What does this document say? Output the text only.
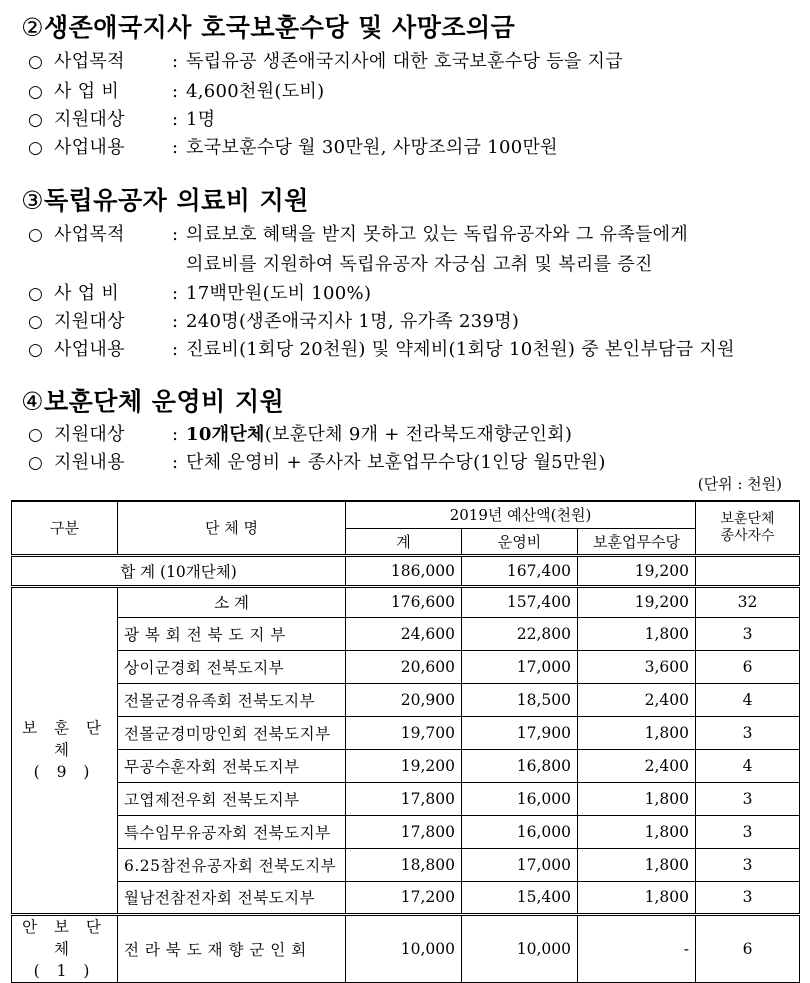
②생존애국지사 호국보훈수당 및 사망조의금
○ 사업목적	: 독립유공 생존애국지사에 대한 호국보훈수당 등을 지급
○ 사 업 비	: 4,600천원(도비)
○ 지원대상	: 1명
○ 사업내용	: 호국보훈수당 월 30만원, 사망조의금 100만원
③독립유공자 의료비 지원
○ 사업목적	: 의료보호 혜택을 받지 못하고 있는 독립유공자와 그 유족들에게
의료비를 지원하여 독립유공자 자긍심 고취 및 복리를 증진
○ 사 업 비	: 17백만원(도비 100%)
○ 지원대상	: 240명(생존애국지사 1명, 유가족 239명)
○ 사업내용	: 진료비(1회당 20천원) 및 약제비(1회당 10천원) 중 본인부담금 지원
④보훈단체 운영비 지원
○ 지원대상	: 10개단체(보훈단체 9개 + 전라북도재향군인회)
○ 지원내용	: 단체 운영비 + 종사자 보훈업무수당(1인당 월5만원)
(단위 : 천원)
구분	단 체 명	2019년 예산액(천원)			보훈단체
종사자수

		계	운영비	보훈업무수당	
합 계 (10개단체)		186,000	167,400	19,200	

보 훈 단 체
( 9 )	소 계	176,600	157,400	19,200	32
	광 복 회 전 북 도 지 부	24,600	22,800	1,800	3
	상이군경회 전북도지부	20,600	17,000	3,600	6
	전몰군경유족회 전북도지부	20,900	18,500	2,400	4
	전몰군경미망인회 전북도지부	19,700	17,900	1,800	3
	무공수훈자회 전북도지부	19,200	16,800	2,400	4
	고엽제전우회 전북도지부	17,800	16,000	1,800	3
	특수임무유공자회 전북도지부	17,800	16,000	1,800	3
	6.25참전유공자회 전북도지부	18,800	17,000	1,800	3
	월남전참전자회 전북도지부	17,200	15,400	1,800	3

안 보 단 체
( 1 )	전 라 북 도 재 향 군 인 회	10,000	10,000	-	6
